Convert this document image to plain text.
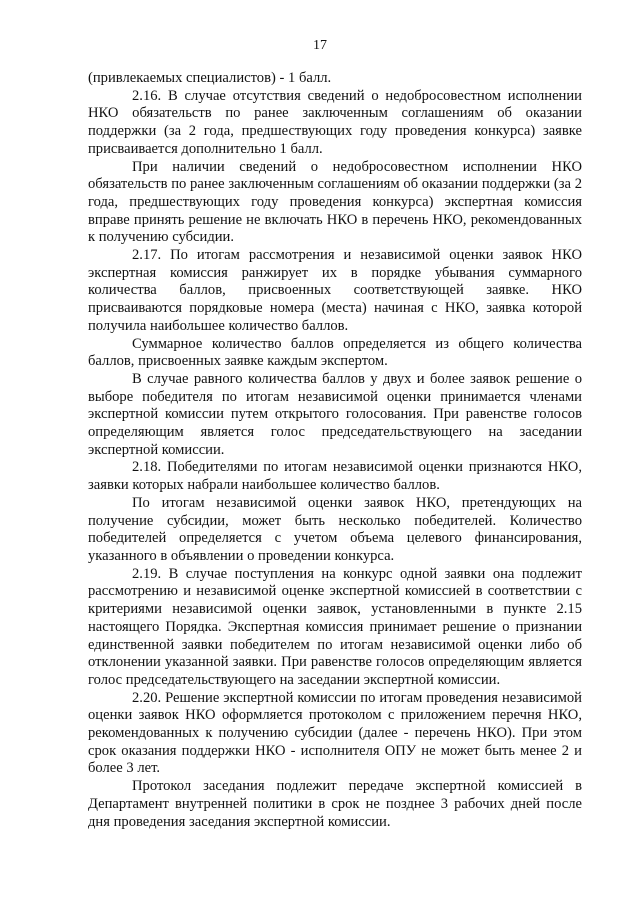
17

(привлекаемых специалистов) - 1 балл.

2.16. В случае отсутствия сведений о недобросовестном исполнении НКО обязательств по ранее заключенным соглашениям об оказании поддержки (за 2 года, предшествующих году проведения конкурса) заявке присваивается дополнительно 1 балл.

При наличии сведений о недобросовестном исполнении НКО обязательств по ранее заключенным соглашениям об оказании поддержки (за 2 года, предшествующих году проведения конкурса) экспертная комиссия вправе принять решение не включать НКО в перечень НКО, рекомендованных к получению субсидии.

2.17. По итогам рассмотрения и независимой оценки заявок НКО экспертная комиссия ранжирует их в порядке убывания суммарного количества баллов, присвоенных соответствующей заявке. НКО присваиваются порядковые номера (места) начиная с НКО, заявка которой получила наибольшее количество баллов.

Суммарное количество баллов определяется из общего количества баллов, присвоенных заявке каждым экспертом.

В случае равного количества баллов у двух и более заявок решение о выборе победителя по итогам независимой оценки принимается членами экспертной комиссии путем открытого голосования. При равенстве голосов определяющим является голос председательствующего на заседании экспертной комиссии.

2.18. Победителями по итогам независимой оценки признаются НКО, заявки которых набрали наибольшее количество баллов.

По итогам независимой оценки заявок НКО, претендующих на получение субсидии, может быть несколько победителей. Количество победителей определяется с учетом объема целевого финансирования, указанного в объявлении о проведении конкурса.

2.19. В случае поступления на конкурс одной заявки она подлежит рассмотрению и независимой оценке экспертной комиссией в соответствии с критериями независимой оценки заявок, установленными в пункте 2.15 настоящего Порядка. Экспертная комиссия принимает решение о признании единственной заявки победителем по итогам независимой оценки либо об отклонении указанной заявки. При равенстве голосов определяющим является голос председательствующего на заседании экспертной комиссии.

2.20. Решение экспертной комиссии по итогам проведения независимой оценки заявок НКО оформляется протоколом с приложением перечня НКО, рекомендованных к получению субсидии (далее - перечень НКО). При этом срок оказания поддержки НКО - исполнителя ОПУ не может быть менее 2 и более 3 лет.

Протокол заседания подлежит передаче экспертной комиссией в Департамент внутренней политики в срок не позднее 3 рабочих дней после дня проведения заседания экспертной комиссии.
